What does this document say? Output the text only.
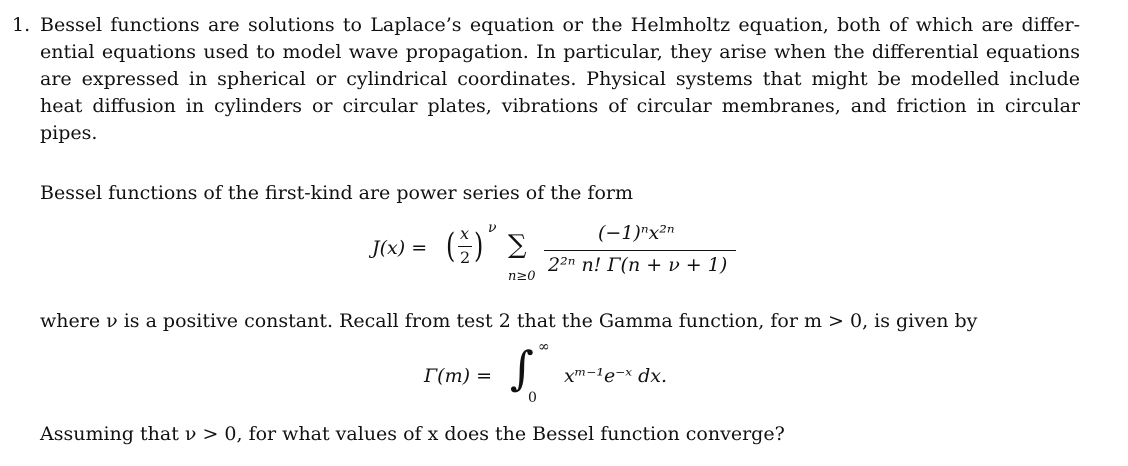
1. Bessel functions are solutions to Laplace’s equation or the Helmholtz equation, both of which are differ-
ential equations used to model wave propagation. In particular, they arise when the differential equations
are expressed in spherical or cylindrical coordinates. Physical systems that might be modelled include
heat diffusion in cylinders or circular plates, vibrations of circular membranes, and friction in circular
pipes.
Bessel functions of the first-kind are power series of the form
J(x) = ( x
2 ) ν
∑
n≥0
(−1)ⁿx²ⁿ
2²ⁿ n! Γ(n + ν + 1)
where ν is a positive constant. Recall from test 2 that the Gamma function, for m > 0, is given by
Γ(m) = ∫ ∞
0
xᵐ⁻¹e⁻ˣ dx.
Assuming that ν > 0, for what values of x does the Bessel function converge?
